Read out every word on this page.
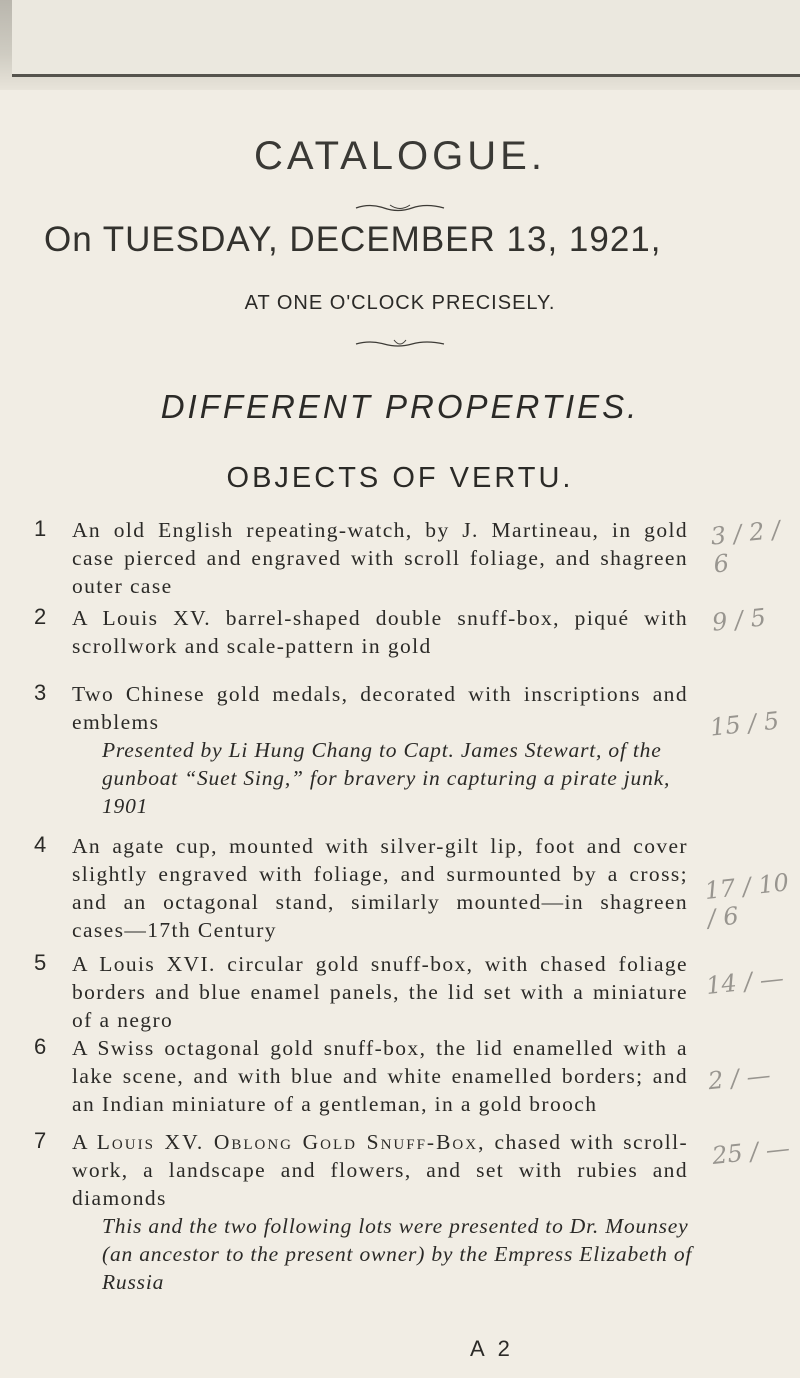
CATALOGUE.
On TUESDAY, DECEMBER 13, 1921,
AT ONE O'CLOCK PRECISELY.
DIFFERENT PROPERTIES.
OBJECTS OF VERTU.
1 An old English repeating-watch, by J. Martineau, in gold case pierced and engraved with scroll foliage, and shagreen outer case
3 / 2 / 6
2 A Louis XV. barrel-shaped double snuff-box, piqué with scrollwork and scale-pattern in gold
9 / 5
3 Two Chinese gold medals, decorated with inscriptions and emblems
Presented by Li Hung Chang to Capt. James Stewart, of the gunboat “Suet Sing,” for bravery in capturing a pirate junk, 1901
15 / 5
4 An agate cup, mounted with silver-gilt lip, foot and cover slightly engraved with foliage, and surmounted by a cross; and an octagonal stand, similarly mounted—in shagreen cases—17th Century
17 / 10 / 6
5 A Louis XVI. circular gold snuff-box, with chased foliage borders and blue enamel panels, the lid set with a miniature of a negro
14 / —
6 A Swiss octagonal gold snuff-box, the lid enamelled with a lake scene, and with blue and white enamelled borders; and an Indian miniature of a gentleman, in a gold brooch
2 / —
7 A Louis XV. Oblong Gold Snuff-Box, chased with scroll-work, a landscape and flowers, and set with rubies and diamonds
This and the two following lots were presented to Dr. Mounsey (an ancestor to the present owner) by the Empress Elizabeth of Russia
25 / —
A 2
